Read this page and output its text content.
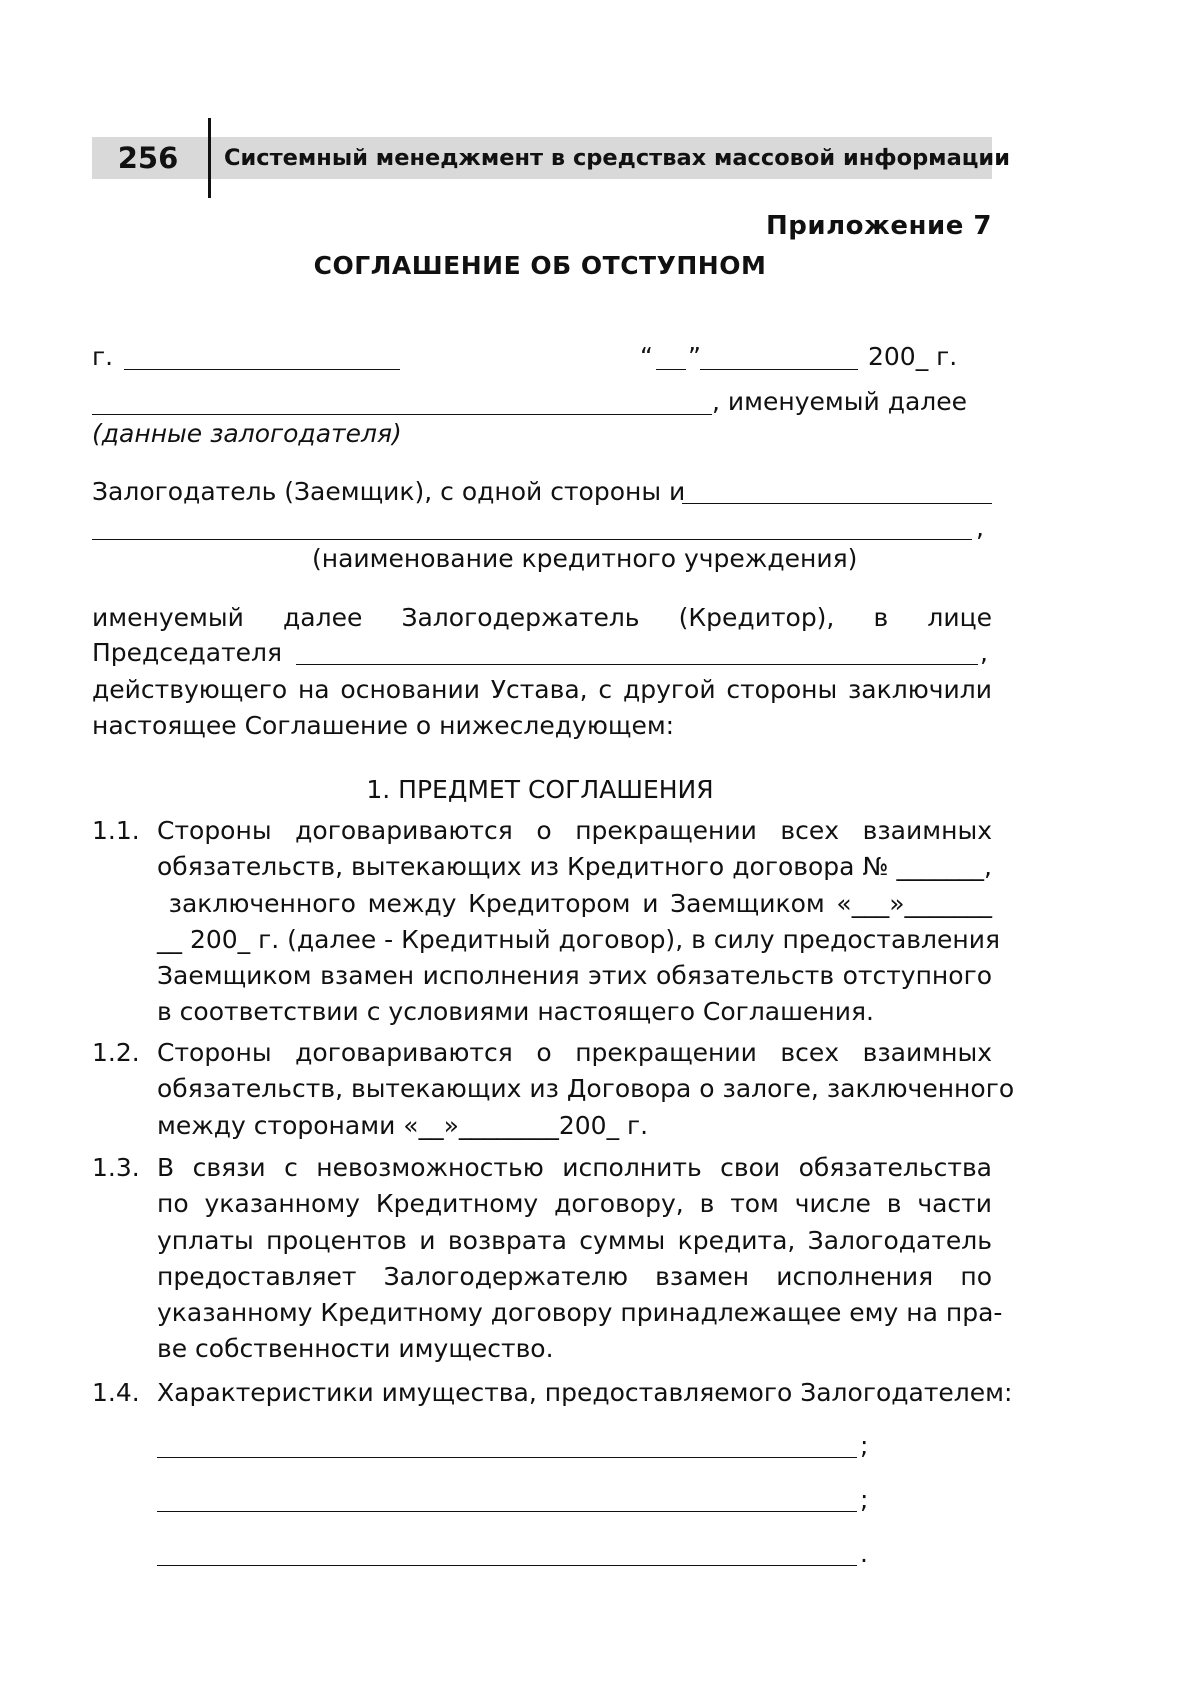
256	Системный менеджмент в средствах массовой информации
Приложение 7
СОГЛАШЕНИЕ ОБ ОТСТУПНОМ
г.	“ ”	200_ г.
, именуемый далее
(данные залогодателя)
Залогодатель (Заемщик), с одной стороны и
,
(наименование кредитного учреждения)
именуемый далее Залогодержатель (Кредитор), в лице
Председателя	,
действующего на основании Устава, с другой стороны заключили
настоящее Соглашение о нижеследующем:
1. ПРЕДМЕТ СОГЛАШЕНИЯ
1.1. Стороны договариваются о прекращении всех взаимных
обязательств, вытекающих из Кредитного договора № _______,
заключенного между Кредитором и Заемщиком «___»_______
__ 200_ г. (далее - Кредитный договор), в силу предоставления
Заемщиком взамен исполнения этих обязательств отступного
в соответствии с условиями настоящего Соглашения.
1.2. Стороны договариваются о прекращении всех взаимных
обязательств, вытекающих из Договора о залоге, заключенного
между сторонами «__»________200_ г.
1.3. В связи с невозможностью исполнить свои обязательства
по указанному Кредитному договору, в том числе в части
уплаты процентов и возврата суммы кредита, Залогодатель
предоставляет Залогодержателю взамен исполнения по
указанному Кредитному договору принадлежащее ему на пра-
ве собственности имущество.
1.4. Характеристики имущества, предоставляемого Залогодателем:
;
;
.
